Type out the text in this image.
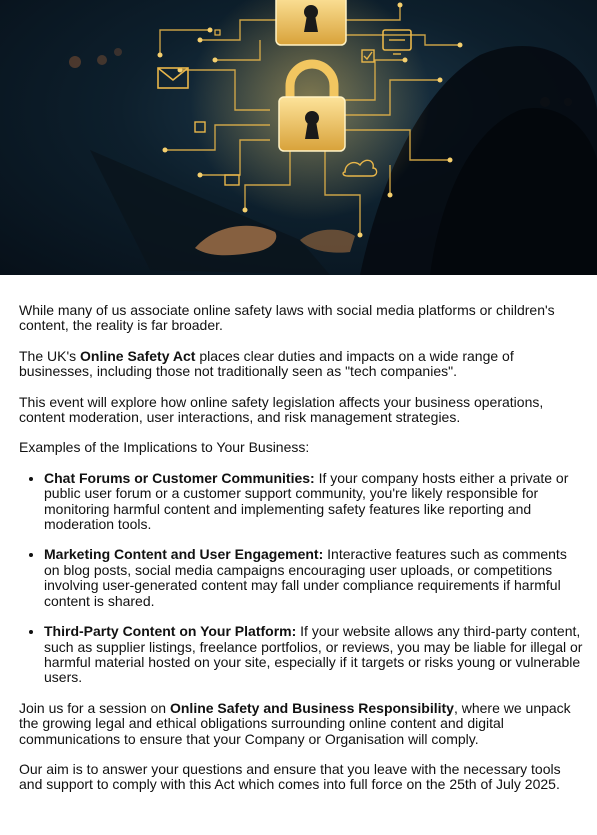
While many of us associate online safety laws with social media platforms or children's content, the reality is far broader.

The UK's Online Safety Act places clear duties and impacts on a wide range of businesses, including those not traditionally seen as "tech companies".

This event will explore how online safety legislation affects your business operations, content moderation, user interactions, and risk management strategies.

Examples of the Implications to Your Business:

• Chat Forums or Customer Communities: If your company hosts either a private or public user forum or a customer support community, you're likely responsible for monitoring harmful content and implementing safety features like reporting and moderation tools.
• Marketing Content and User Engagement: Interactive features such as comments on blog posts, social media campaigns encouraging user uploads, or competitions involving user-generated content may fall under compliance requirements if harmful content is shared.
• Third-Party Content on Your Platform: If your website allows any third-party content, such as supplier listings, freelance portfolios, or reviews, you may be liable for illegal or harmful material hosted on your site, especially if it targets or risks young or vulnerable users.

Join us for a session on Online Safety and Business Responsibility, where we unpack the growing legal and ethical obligations surrounding online content and digital communications to ensure that your Company or Organisation will comply.

Our aim is to answer your questions and ensure that you leave with the necessary tools and support to comply with this Act which comes into full force on the 25th of July 2025.
